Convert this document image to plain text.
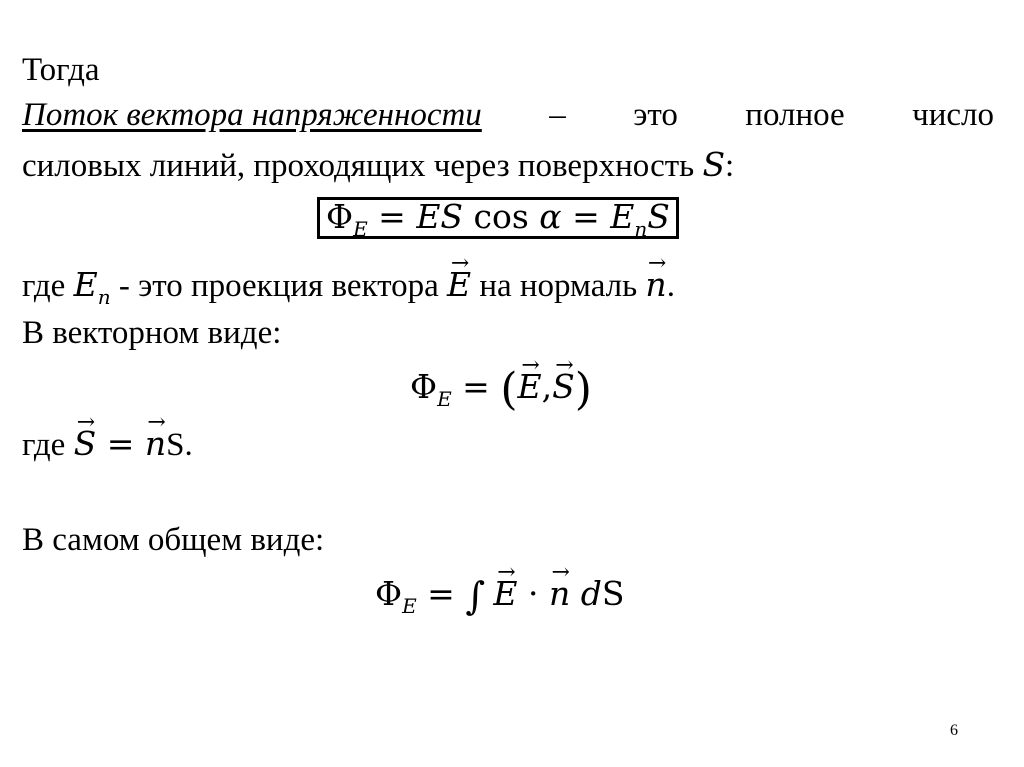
Тогда
Поток вектора напряженности – это полное число
силовых линий, проходящих через поверхность S:
$\Phi_E$ = ES $\cos \alpha = E_nS$
где $E_n$ - это проекция вектора → E на нормаль → n.
В векторном виде:
$\Phi_E$ = (→ E,→ S)
где → S = → nS.
В самом общем виде:
$\Phi_E$ = ∫ → E · → n dS
6
